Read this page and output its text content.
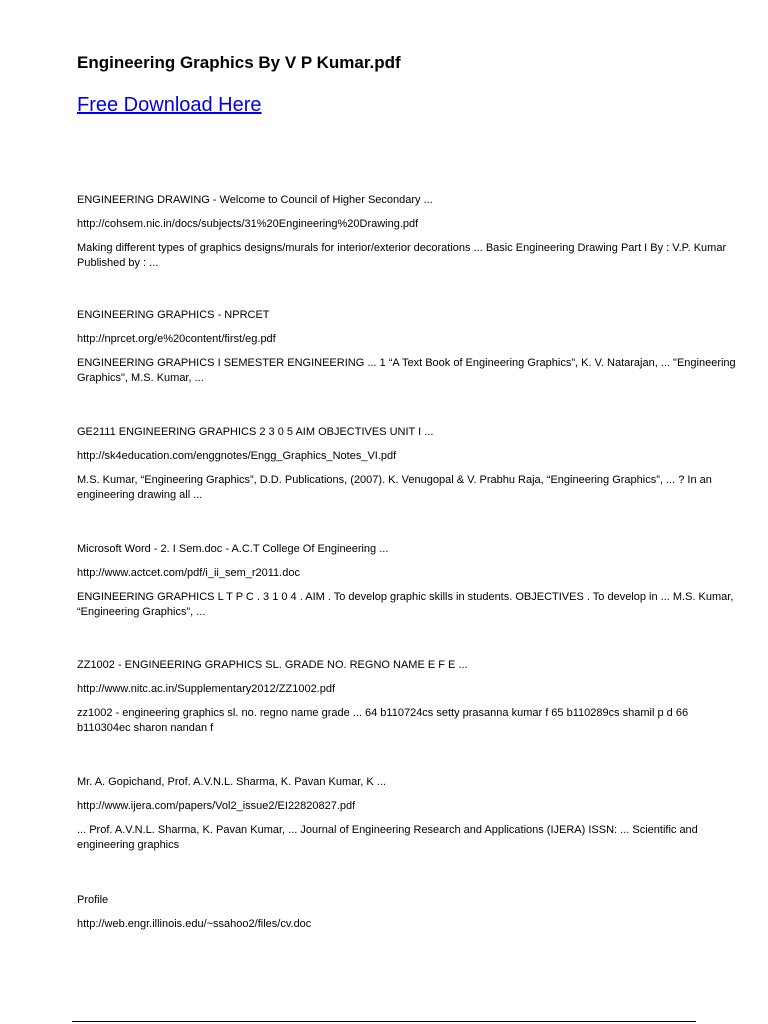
Engineering Graphics By V P Kumar.pdf
Free Download Here

ENGINEERING DRAWING - Welcome to Council of Higher Secondary ...

http://cohsem.nic.in/docs/subjects/31%20Engineering%20Drawing.pdf

Making different types of graphics designs/murals for interior/exterior decorations ... Basic Engineering Drawing Part I By : V.P. Kumar Published by : ...

ENGINEERING GRAPHICS - NPRCET

http://nprcet.org/e%20content/first/eg.pdf

ENGINEERING GRAPHICS I SEMESTER ENGINEERING ... 1 “A Text Book of Engineering Graphics”, K. V. Natarajan, ... "Engineering Graphics", M.S. Kumar, ...

GE2111 ENGINEERING GRAPHICS 2 3 0 5 AIM OBJECTIVES UNIT I ...

http://sk4education.com/enggnotes/Engg_Graphics_Notes_VI.pdf

M.S. Kumar, “Engineering Graphics”, D.D. Publications, (2007). K. Venugopal & V. Prabhu Raja, “Engineering Graphics”, ... ? In an engineering drawing all ...

Microsoft Word - 2. I Sem.doc - A.C.T College Of Engineering ...

http://www.actcet.com/pdf/i_ii_sem_r2011.doc

ENGINEERING GRAPHICS L T P C . 3 1 0 4 . AIM . To develop graphic skills in students. OBJECTIVES . To develop in ... M.S. Kumar, “Engineering Graphics”, ...

ZZ1002 - ENGINEERING GRAPHICS SL. GRADE NO. REGNO NAME E F E ...

http://www.nitc.ac.in/Supplementary2012/ZZ1002.pdf

zz1002 - engineering graphics sl. no. regno name grade ... 64 b110724cs setty prasanna kumar f 65 b110289cs shamil p d 66 b110304ec sharon nandan f

Mr. A. Gopichand, Prof. A.V.N.L. Sharma, K. Pavan Kumar, K ...

http://www.ijera.com/papers/Vol2_issue2/EI22820827.pdf

... Prof. A.V.N.L. Sharma, K. Pavan Kumar, ... Journal of Engineering Research and Applications (IJERA) ISSN: ... Scientific and engineering graphics

Profile

http://web.engr.illinois.edu/~ssahoo2/files/cv.doc
